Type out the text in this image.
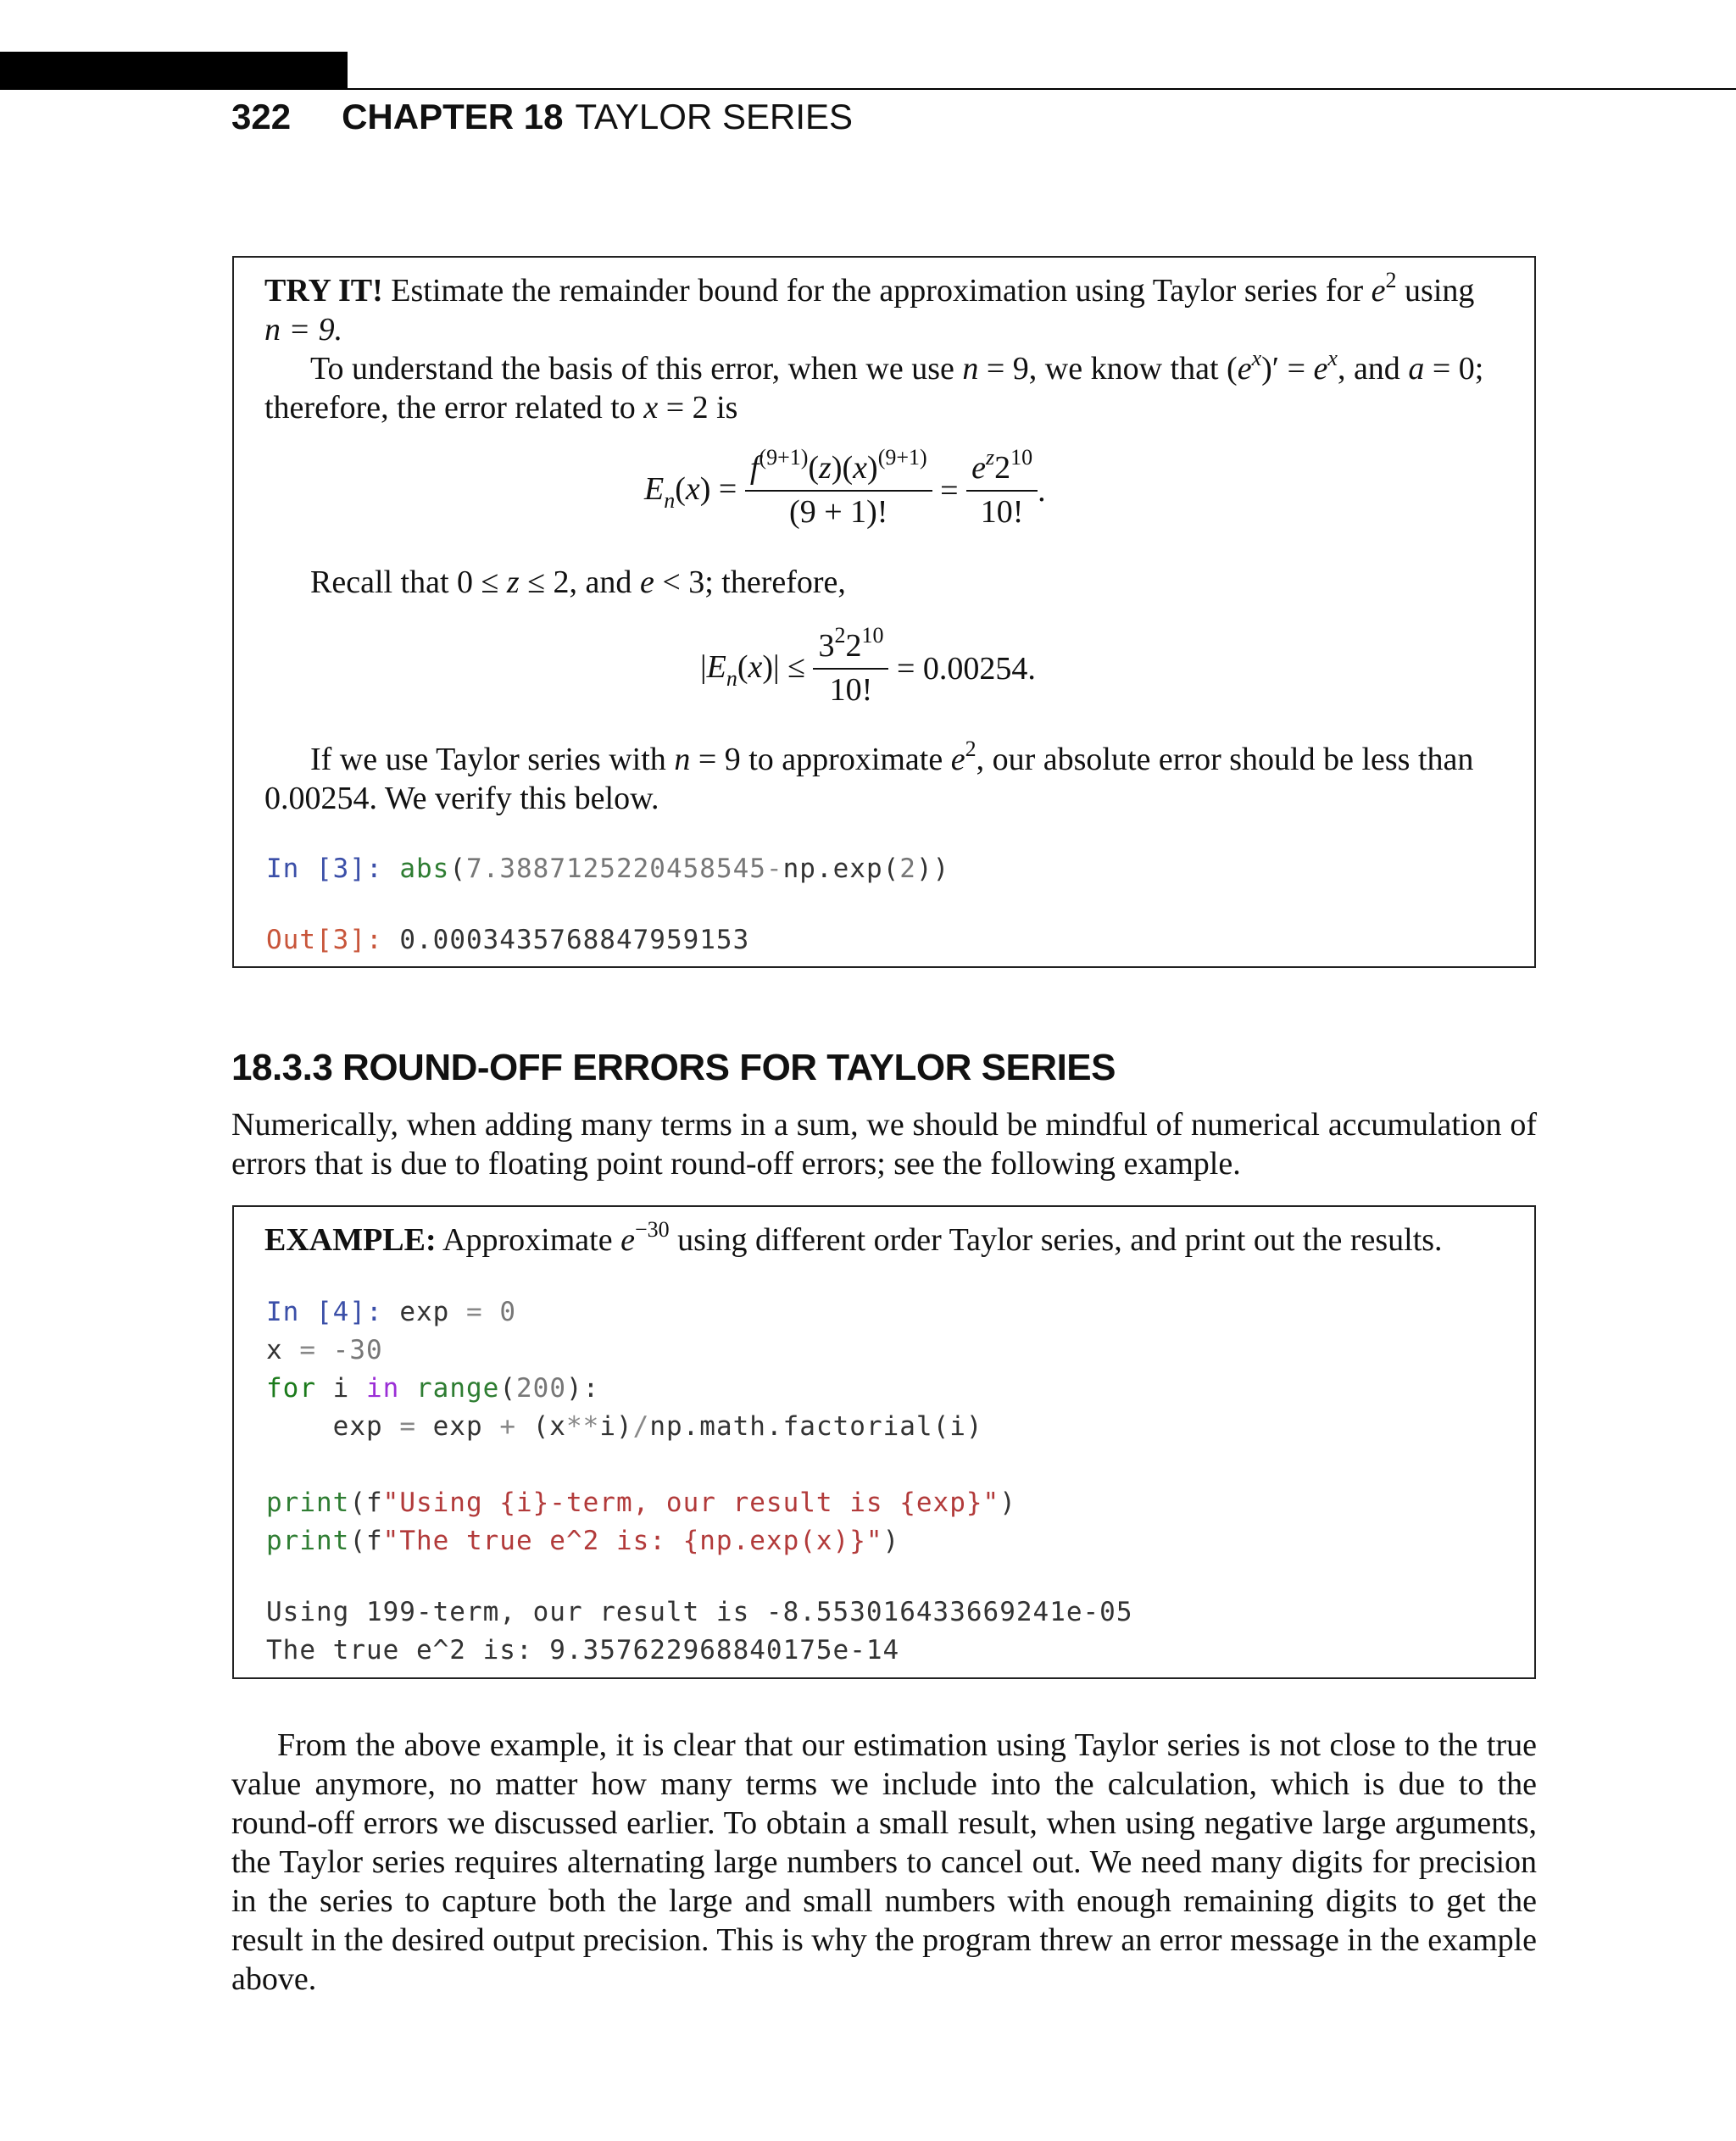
322 CHAPTER 18 TAYLOR SERIES
TRY IT! Estimate the remainder bound for the approximation using Taylor series for $e^2$ using
n = 9.
To understand the basis of this error, when we use n = 9, we know that $(e^x)' = e^x$, and a = 0;
therefore, the error related to x = 2 is
$E_n(x) = \frac{f^{(9+1)}(z)(x)^{(9+1)}}{(9 + 1)!} = \frac{e^z2^{10}}{10!}$ .
Recall that 0 ≤ z ≤ 2, and e < 3; therefore,
$|E_n(x)| \le \frac{3^22^{10}}{10!} = 0.00254$.
If we use Taylor series with n = 9 to approximate $e^2$, our absolute error should be less than
0.00254. We verify this below.
In [3]: abs(7.3887125220458545-np.exp(2))
Out[3]: 0.0003435768847959153
18.3.3 ROUND-OFF ERRORS FOR TAYLOR SERIES
Numerically, when adding many terms in a sum, we should be mindful of numerical accumulation of errors that is due to floating point round-off errors; see the following example.
EXAMPLE: Approximate $e^{-30}$ using different order Taylor series, and print out the results.
In [4]: exp = 0
x = -30
for i in range(200):
exp = exp + (x**i)/np.math.factorial(i)

print(f"Using {i}-term, our result is {exp}")
print(f"The true e^2 is: {np.exp(x)}")
Using 199-term, our result is -8.553016433669241e-05
The true e^2 is: 9.357622968840175e-14
From the above example, it is clear that our estimation using Taylor series is not close to the true value anymore, no matter how many terms we include into the calculation, which is due to the round-off errors we discussed earlier. To obtain a small result, when using negative large arguments, the Taylor series requires alternating large numbers to cancel out. We need many digits for precision in the series to capture both the large and small numbers with enough remaining digits to get the result in the desired output precision. This is why the program threw an error message in the example above.
